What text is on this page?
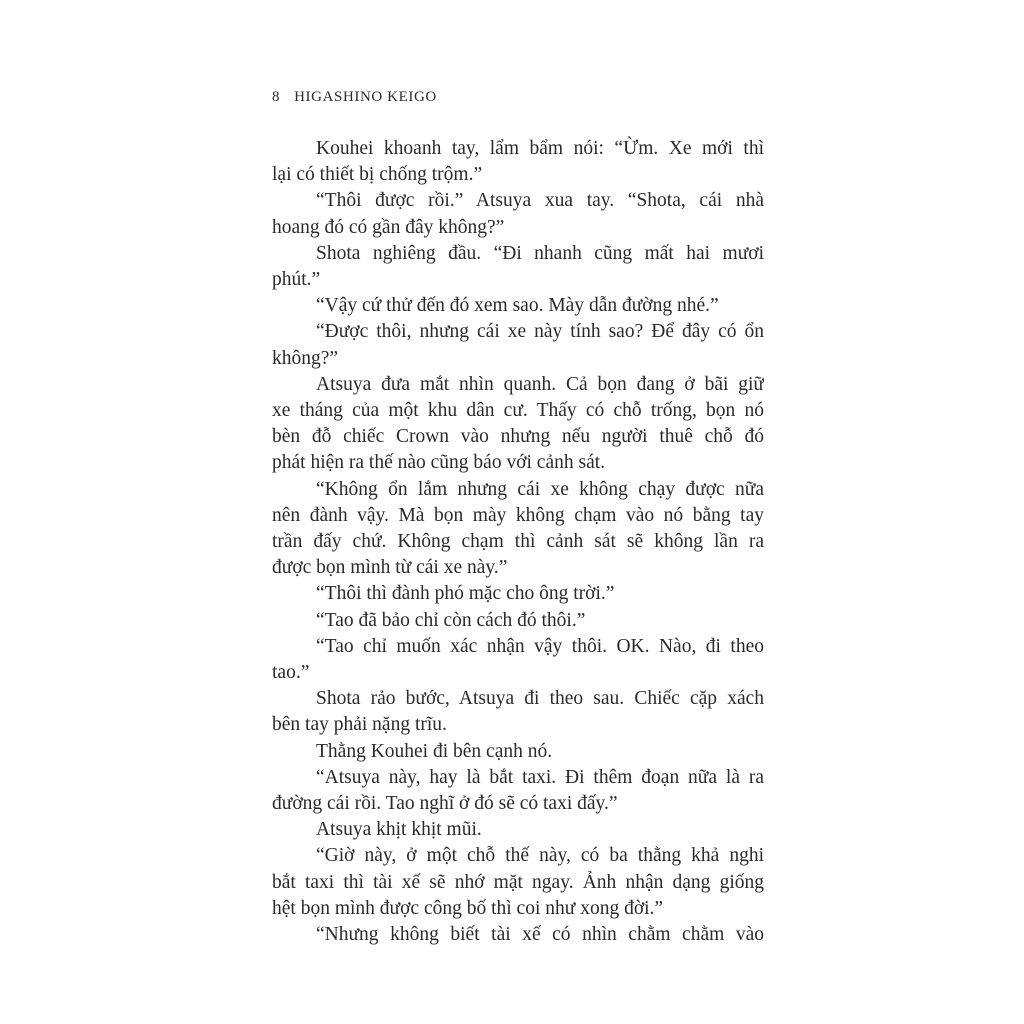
8 HIGASHINO KEIGO
Kouhei khoanh tay, lẩm bẩm nói: “Ừm. Xe mới thì
lại có thiết bị chống trộm.”
“Thôi được rồi.” Atsuya xua tay. “Shota, cái nhà
hoang đó có gần đây không?”
Shota nghiêng đầu. “Đi nhanh cũng mất hai mươi
phút.”
“Vậy cứ thử đến đó xem sao. Mày dẫn đường nhé.”
“Được thôi, nhưng cái xe này tính sao? Để đây có ổn
không?”
Atsuya đưa mắt nhìn quanh. Cả bọn đang ở bãi giữ
xe tháng của một khu dân cư. Thấy có chỗ trống, bọn nó
bèn đỗ chiếc Crown vào nhưng nếu người thuê chỗ đó
phát hiện ra thế nào cũng báo với cảnh sát.
“Không ổn lắm nhưng cái xe không chạy được nữa
nên đành vậy. Mà bọn mày không chạm vào nó bằng tay
trần đấy chứ. Không chạm thì cảnh sát sẽ không lần ra
được bọn mình từ cái xe này.”
“Thôi thì đành phó mặc cho ông trời.”
“Tao đã bảo chỉ còn cách đó thôi.”
“Tao chỉ muốn xác nhận vậy thôi. OK. Nào, đi theo
tao.”
Shota rảo bước, Atsuya đi theo sau. Chiếc cặp xách
bên tay phải nặng trĩu.
Thằng Kouhei đi bên cạnh nó.
“Atsuya này, hay là bắt taxi. Đi thêm đoạn nữa là ra
đường cái rồi. Tao nghĩ ở đó sẽ có taxi đấy.”
Atsuya khịt khịt mũi.
“Giờ này, ở một chỗ thế này, có ba thằng khả nghi
bắt taxi thì tài xế sẽ nhớ mặt ngay. Ảnh nhận dạng giống
hệt bọn mình được công bố thì coi như xong đời.”
“Nhưng không biết tài xế có nhìn chằm chằm vào
